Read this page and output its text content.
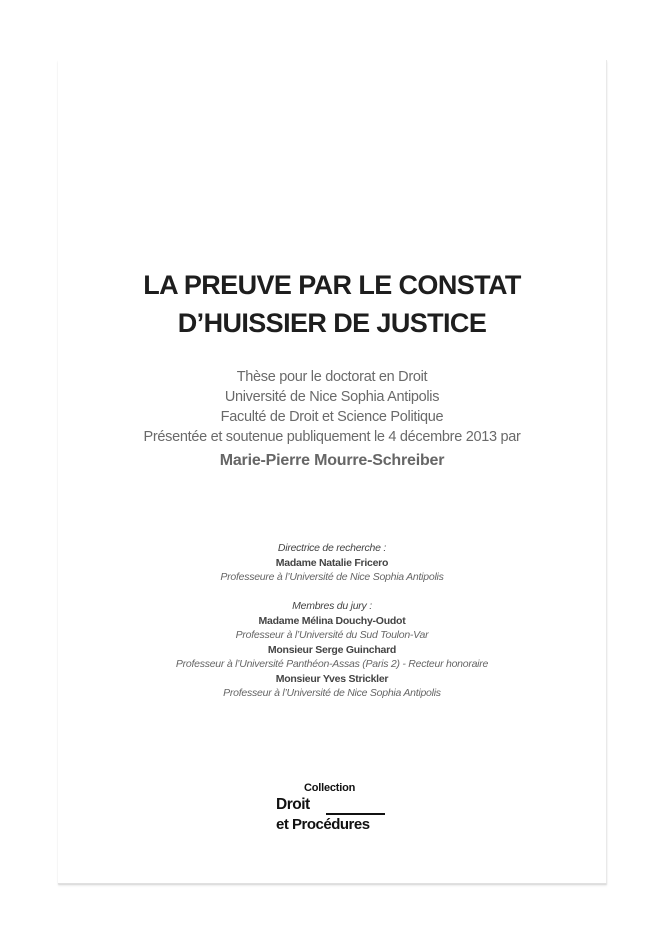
LA PREUVE PAR LE CONSTAT
D’HUISSIER DE JUSTICE
Thèse pour le doctorat en Droit
Université de Nice Sophia Antipolis
Faculté de Droit et Science Politique
Présentée et soutenue publiquement le 4 décembre 2013 par
Marie-Pierre Mourre-Schreiber
Directrice de recherche :
Madame Natalie Fricero
Professeure à l’Université de Nice Sophia Antipolis
Membres du jury :
Madame Mélina Douchy-Oudot
Professeur à l’Université du Sud Toulon-Var
Monsieur Serge Guinchard
Professeur à l’Université Panthéon-Assas (Paris 2) - Recteur honoraire
Monsieur Yves Strickler
Professeur à l’Université de Nice Sophia Antipolis
Collection
Droit
et Procédures
